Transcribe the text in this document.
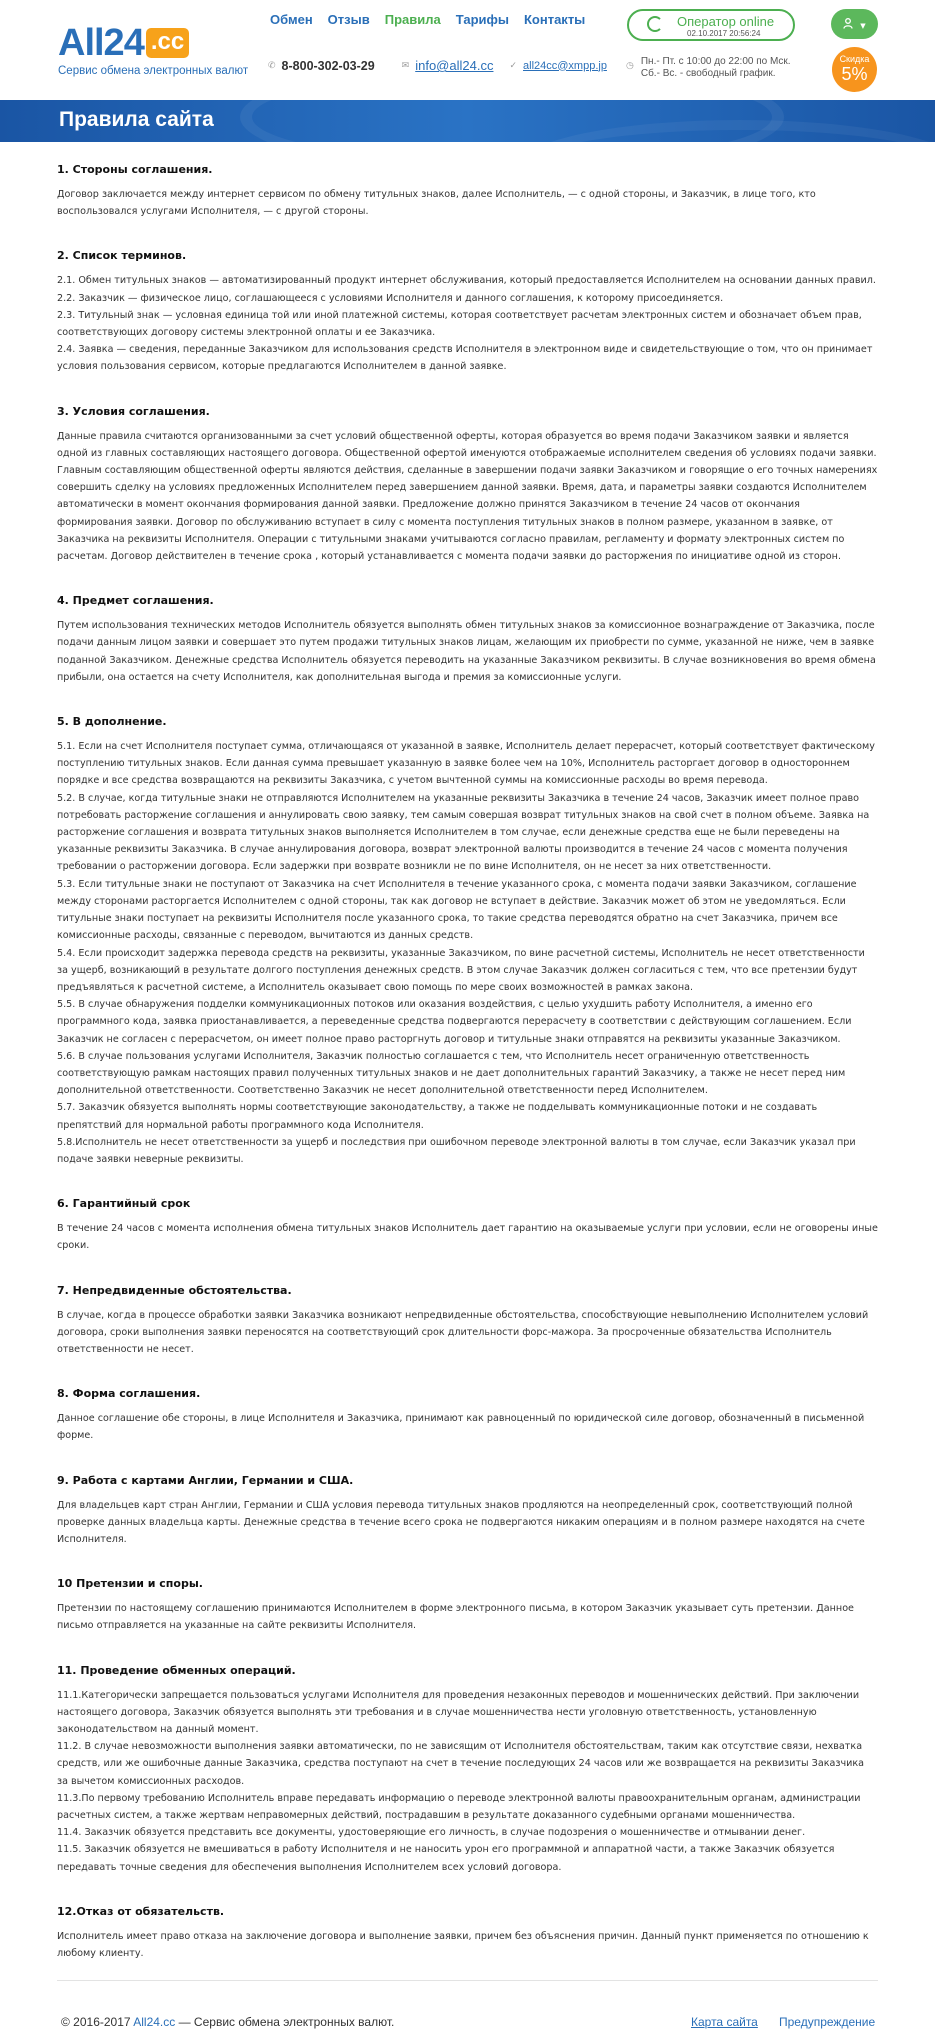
All24 .cc
Сервис обмена электронных валют
Обмен Отзыв Правила Тарифы Контакты
✆ 8-800-302-03-29	✉ info@all24.cc ✓ all24cc@xmpp.jp ◷ Пн.- Пт. с 10:00 до 22:00 по Мск.
Сб.- Вс. - свободный график.
Оператор online
02.10.2017 20:56:24
▼
Скидка
5%
Правила сайта
1. Стороны соглашения.

Договор заключается между интернет сервисом по обмену титульных знаков, далее Исполнитель, — с одной стороны, и Заказчик, в лице того, кто воспользовался услугами Исполнителя, — с другой стороны.

2. Список терминов.

2.1. Обмен титульных знаков — автоматизированный продукт интернет обслуживания, который предоставляется Исполнителем на основании данных правил.

2.2. Заказчик — физическое лицо, соглашающееся с условиями Исполнителя и данного соглашения, к которому присоединяется.

2.3. Титульный знак — условная единица той или иной платежной системы, которая соответствует расчетам электронных систем и обозначает объем прав, соответствующих договору системы электронной оплаты и ее Заказчика.

2.4. Заявка — сведения, переданные Заказчиком для использования средств Исполнителя в электронном виде и свидетельствующие о том, что он принимает условия пользования сервисом, которые предлагаются Исполнителем в данной заявке.

3. Условия соглашения.

Данные правила считаются организованными за счет условий общественной оферты, которая образуется во время подачи Заказчиком заявки и является одной из главных составляющих настоящего договора. Общественной офертой именуются отображаемые исполнителем сведения об условиях подачи заявки. Главным составляющим общественной оферты являются действия, сделанные в завершении подачи заявки Заказчиком и говорящие о его точных намерениях совершить сделку на условиях предложенных Исполнителем перед завершением данной заявки. Время, дата, и параметры заявки создаются Исполнителем автоматически в момент окончания формирования данной заявки. Предложение должно принятся Заказчиком в течение 24 часов от окончания формирования заявки. Договор по обслуживанию вступает в силу с момента поступления титульных знаков в полном размере, указанном в заявке, от Заказчика на реквизиты Исполнителя. Операции с титульными знаками учитываются согласно правилам, регламенту и формату электронных систем по расчетам. Договор действителен в течение срока , который устанавливается с момента подачи заявки до расторжения по инициативе одной из сторон.

4. Предмет соглашения.

Путем использования технических методов Исполнитель обязуется выполнять обмен титульных знаков за комиссионное вознаграждение от Заказчика, после подачи данным лицом заявки и совершает это путем продажи титульных знаков лицам, желающим их приобрести по сумме, указанной не ниже, чем в заявке поданной Заказчиком. Денежные средства Исполнитель обязуется переводить на указанные Заказчиком реквизиты. В случае возникновения во время обмена прибыли, она остается на счету Исполнителя, как дополнительная выгода и премия за комиссионные услуги.

5. В дополнение.

5.1. Если на счет Исполнителя поступает сумма, отличающаяся от указанной в заявке, Исполнитель делает перерасчет, который соответствует фактическому поступлению титульных знаков. Если данная сумма превышает указанную в заявке более чем на 10%, Исполнитель расторгает договор в одностороннем порядке и все средства возвращаются на реквизиты Заказчика, с учетом вычтенной суммы на комиссионные расходы во время перевода.

5.2. В случае, когда титульные знаки не отправляются Исполнителем на указанные реквизиты Заказчика в течение 24 часов, Заказчик имеет полное право потребовать расторжение соглашения и аннулировать свою заявку, тем самым совершая возврат титульных знаков на свой счет в полном объеме. Заявка на расторжение соглашения и возврата титульных знаков выполняется Исполнителем в том случае, если денежные средства еще не были переведены на указанные реквизиты Заказчика. В случае аннулирования договора, возврат электронной валюты производится в течение 24 часов с момента получения требовании о расторжении договора. Если задержки при возврате возникли не по вине Исполнителя, он не несет за них ответственности.

5.3. Если титульные знаки не поступают от Заказчика на счет Исполнителя в течение указанного срока, с момента подачи заявки Заказчиком, соглашение между сторонами расторгается Исполнителем с одной стороны, так как договор не вступает в действие. Заказчик может об этом не уведомляться. Если титульные знаки поступает на реквизиты Исполнителя после указанного срока, то такие средства переводятся обратно на счет Заказчика, причем все комиссионные расходы, связанные с переводом, вычитаются из данных средств.

5.4. Если происходит задержка перевода средств на реквизиты, указанные Заказчиком, по вине расчетной системы, Исполнитель не несет ответственности за ущерб, возникающий в результате долгого поступления денежных средств. В этом случае Заказчик должен согласиться с тем, что все претензии будут предъявляться к расчетной системе, а Исполнитель оказывает свою помощь по мере своих возможностей в рамках закона.

5.5. В случае обнаружения подделки коммуникационных потоков или оказания воздействия, с целью ухудшить работу Исполнителя, а именно его программного кода, заявка приостанавливается, а переведенные средства подвергаются перерасчету в соответствии с действующим соглашением. Если Заказчик не согласен с перерасчетом, он имеет полное право расторгнуть договор и титульные знаки отправятся на реквизиты указанные Заказчиком.

5.6. В случае пользования услугами Исполнителя, Заказчик полностью соглашается с тем, что Исполнитель несет ограниченную ответственность соответствующую рамкам настоящих правил полученных титульных знаков и не дает дополнительных гарантий Заказчику, а также не несет перед ним дополнительной ответственности. Соответственно Заказчик не несет дополнительной ответственности перед Исполнителем.

5.7. Заказчик обязуется выполнять нормы соответствующие законодательству, а также не подделывать коммуникационные потоки и не создавать препятствий для нормальной работы программного кода Исполнителя.

5.8.Исполнитель не несет ответственности за ущерб и последствия при ошибочном переводе электронной валюты в том случае, если Заказчик указал при подаче заявки неверные реквизиты.

6. Гарантийный срок

В течение 24 часов с момента исполнения обмена титульных знаков Исполнитель дает гарантию на оказываемые услуги при условии, если не оговорены иные сроки.

7. Непредвиденные обстоятельства.

В случае, когда в процессе обработки заявки Заказчика возникают непредвиденные обстоятельства, способствующие невыполнению Исполнителем условий договора, сроки выполнения заявки переносятся на соответствующий срок длительности форс-мажора. За просроченные обязательства Исполнитель ответственности не несет.

8. Форма соглашения.

Данное соглашение обе стороны, в лице Исполнителя и Заказчика, принимают как равноценный по юридической силе договор, обозначенный в письменной форме.

9. Работа с картами Англии, Германии и США.

Для владельцев карт стран Англии, Германии и США условия перевода титульных знаков продляются на неопределенный срок, соответствующий полной проверке данных владельца карты. Денежные средства в течение всего срока не подвергаются никаким операциям и в полном размере находятся на счете Исполнителя.

10 Претензии и споры.

Претензии по настоящему соглашению принимаются Исполнителем в форме электронного письма, в котором Заказчик указывает суть претензии. Данное письмо отправляется на указанные на сайте реквизиты Исполнителя.

11. Проведение обменных операций.

11.1.Категорически запрещается пользоваться услугами Исполнителя для проведения незаконных переводов и мошеннических действий. При заключении настоящего договора, Заказчик обязуется выполнять эти требования и в случае мошенничества нести уголовную ответственность, установленную законодательством на данный момент.

11.2. В случае невозможности выполнения заявки автоматически, по не зависящим от Исполнителя обстоятельствам, таким как отсутствие связи, нехватка средств, или же ошибочные данные Заказчика, средства поступают на счет в течение последующих 24 часов или же возвращается на реквизиты Заказчика за вычетом комиссионных расходов.

11.3.По первому требованию Исполнитель вправе передавать информацию о переводе электронной валюты правоохранительным органам, администрации расчетных систем, а также жертвам неправомерных действий, пострадавшим в результате доказанного судебными органами мошенничества.

11.4. Заказчик обязуется представить все документы, удостоверяющие его личность, в случае подозрения о мошенничестве и отмывании денег.

11.5. Заказчик обязуется не вмешиваться в работу Исполнителя и не наносить урон его программной и аппаратной части, а также Заказчик обязуется передавать точные сведения для обеспечения выполнения Исполнителем всех условий договора.

12.Отказ от обязательств.

Исполнитель имеет право отказа на заключение договора и выполнение заявки, причем без объяснения причин. Данный пункт применяется по отношению к любому клиенту.

© 2016-2017 All24.cc — Сервис обмена электронных валют.	Карта сайта Предупреждение
